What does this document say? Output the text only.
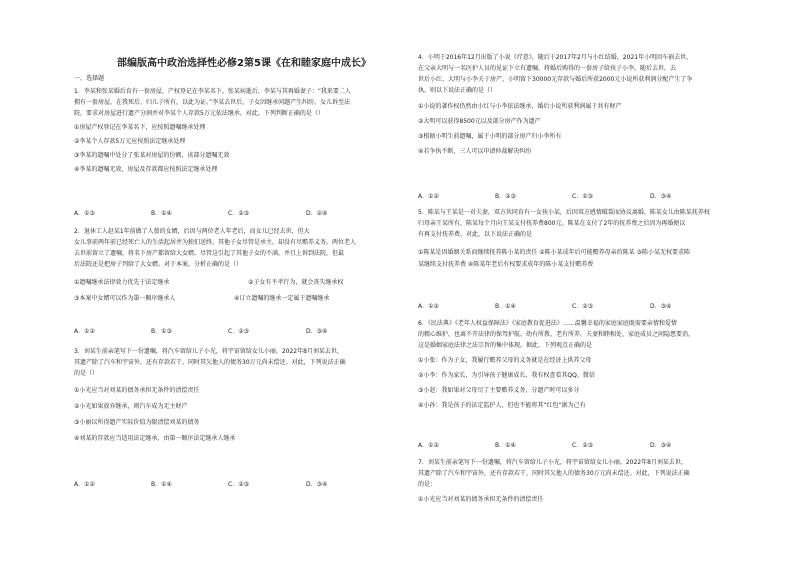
部编版高中政治选择性必修2第5课《在和睦家庭中成长》
一、选择题
1．李某和张某婚后育有一套房屋，产权登记在李某名下。张某病逝后，李某与其再婚妻子：“我来要二人
拥有一套房屋，在我死后，归儿子所有，以此为证。”李某去世后，子女因继承问题产生纠纷。女儿诉至法
院，要求对房屋进行遗产分割并对李某个人存款5万元依法继承。对此，下列判断正确的是（）
①房屋产权登记在李某名下，应按照遗嘱继承处理
②李某个人存款5万元应按照法定继承处理
③李某的遗嘱中处分了张某对房屋的份额，该部分遗嘱无效
④李某的遗嘱无效，房屋及存款都应按照法定继承处理
A．①③	B．①④	C．②③	D．②④
2．退休工人赵某1年前做了人赘的女婿，后因与两位老人年老后，而女儿已经去世，但大
女儿事前两年前已经死亡人的生活起居并为独们送终。其他子女尽管是承主，却没有尽赡养义务。两位老人
去世前留立了遗嘱，将名下房产都留给大女婿。尽管这引起了其他子女的不满，并且上诉到法院，但最
后法院还是把房子判给了大女婿。对于本案，分析正确的是（）
①遗嘱继承法律效力优先于法定继承	②子女有不孝行为，就会丧失继承权
③本案中女婿可以作为第一顺序继承人	④订立遗嘱的继承一定属于遗嘱继承
A．①②	B．①③	C．②③	D．③④
3．刘某生前亲笔写下一份遗嘱，将汽车留给儿子小光，将宇宙留给女儿小丽。2022年8月刘某去世，
其遗产除了汽车和宇宙外，还有存款若干，同时其欠他人的债务30万元尚未偿还。对此，下列说法正确
的是（）
①小光应当对刘某的债务承担无条件的清偿责任
②小光如果放弃继承，则汽车成为无主财产
③小丽以所得遗产实际价值为限清偿刘某的债务
④刘某的存款应当适用法定继承，由第一顺序法定继承人继承
A．①②	B．①④	C．②③	D．③④
4．小明于2016年12月出版了小说《疗意》，随后于2017年2月与小红结婚，2021年小明因车祸去世，
在父亲大明与一名医护人员的见证下立有遗嘱，将婚后购得的一套房子给孩子小李，随后去世。去
世后小红、大明与小李关于房产，小明留下30000元存款与婚后所获2000元小说所获利润分配产生了争
执，则以下说法正确的是（）
①小说的著作权仍然由小红与小李依法继承，婚后小说所获利润属于共有财产
②大明可以获得8500元以及部分房产作为遗产
③根据小明生前遗嘱，属于小明的部分房产归小李所有
④若争执不断，三人可以申请仲裁解决纠纷
A．①②	B．②③	C．①③	D．③④
5．陈某与王某是一对夫妻，双方共同育有一女孩小某，后因双方感情破裂而协议离婚，陈某女儿由陈某抚养权
归母亲王某所有，陈某每个月向王某支付抚养费800元。陈某在支付了2年的抚养费之后因为再婚便以
有再支付抚养费。对此，以下说法正确的是
①陈某是因婚姻关系而继续抚养陈小某的责任 ②陈小某成年后可能赡养母亲的陈某 ③陈小某无权要求陈
某继续支付抚养费 ④陈某年老后有权要求成年的陈小某支付赡养费
A．①②	B．①④	C．②③	D．③④
6．《民法典》《老年人权益保障法》《家庭教育促进法》……温馨幸福的家庭家庭既需要亲情和爱情
的精心维护，也离不开法律的保驾护航。幼有所教、老有所养、夫妻和睦相处、家庭成员之间隐患要消，
这是婚姻家庭法律之法宗旨的集中体现。据此，下列观点正确的是
①小张：作为子女，我履行赡养父母的义务就是在经济上供养父母
②小李：作为家长，为引导孩子健康成长，我有权查看其QQ、微信
③小赵：我如果对父母尽了主要赡养义务，分遗产时可以多分
④小孙：我是孩子的法定监护人，但也不能将其“红包”据为己有
A．①②	B．①④	C．②③	D．③④
7．刘某生前亲笔写下一份遗嘱，将汽车留给儿子小光，将宇宙留给女儿小丽。2022年8月刘某去世，
其遗产除了汽车和宇宙外，还有存款若干，同时其欠他人的债务30万元尚未偿还。对此，下列说法正确
的是：
①小光应当对刘某的债务承担无条件的清偿责任
